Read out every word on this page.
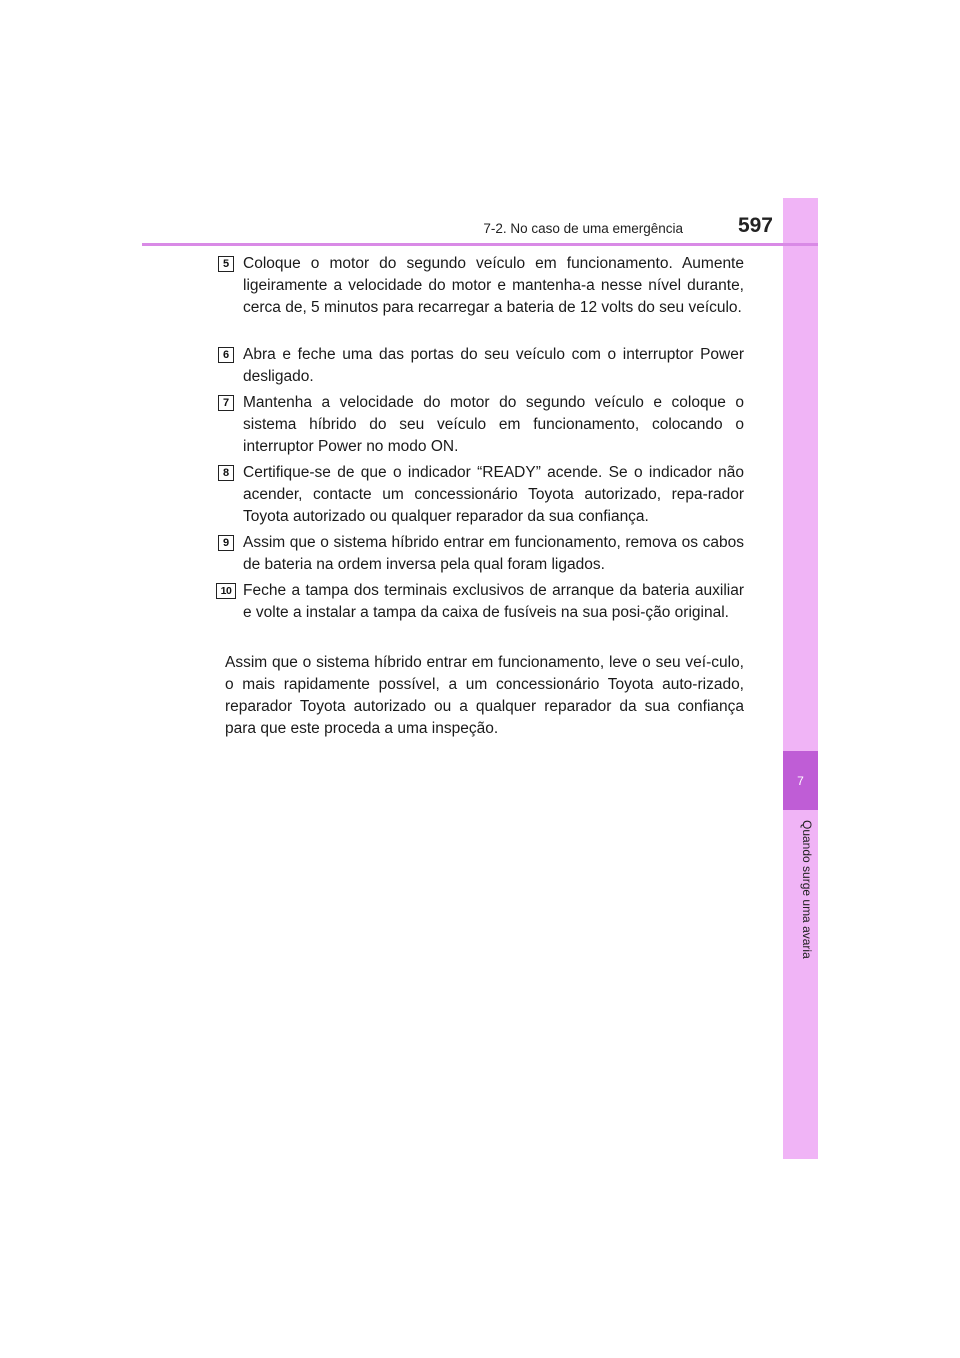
7
Quando surge uma avaria
7-2. No caso de uma emergência	597
5 Coloque o motor do segundo veículo em funcionamento. Aumente ligeiramente a velocidade do motor e mantenha-a nesse nível durante, cerca de, 5 minutos para recarregar a bateria de 12 volts do seu veículo.
6 Abra e feche uma das portas do seu veículo com o interruptor Power desligado.
7 Mantenha a velocidade do motor do segundo veículo e coloque o sistema híbrido do seu veículo em funcionamento, colocando o interruptor Power no modo ON.
8 Certifique-se de que o indicador “READY” acende. Se o indicador não acender, contacte um concessionário Toyota autorizado, repa-rador Toyota autorizado ou qualquer reparador da sua confiança.
9 Assim que o sistema híbrido entrar em funcionamento, remova os cabos de bateria na ordem inversa pela qual foram ligados.
10 Feche a tampa dos terminais exclusivos de arranque da bateria auxiliar e volte a instalar a tampa da caixa de fusíveis na sua posi-ção original.
Assim que o sistema híbrido entrar em funcionamento, leve o seu veí-culo, o mais rapidamente possível, a um concessionário Toyota auto-rizado, reparador Toyota autorizado ou a qualquer reparador da sua confiança para que este proceda a uma inspeção.
